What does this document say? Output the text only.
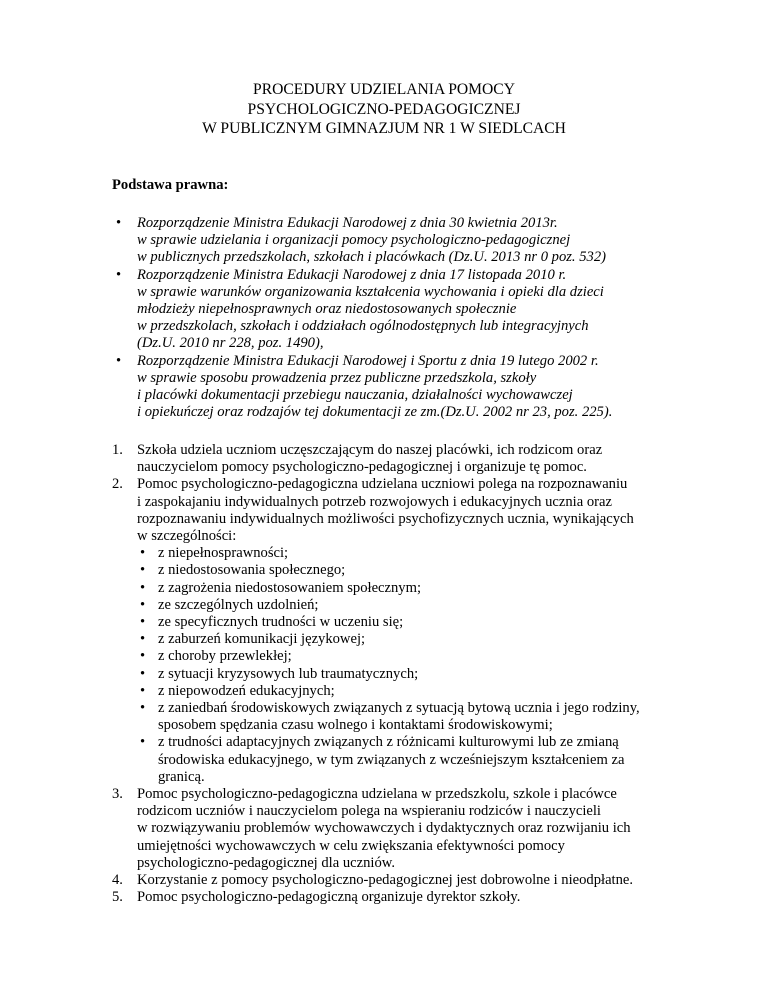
PROCEDURY UDZIELANIA POMOCY
PSYCHOLOGICZNO-PEDAGOGICZNEJ
W PUBLICZNYM GIMNAZJUM NR 1 W SIEDLCACH
Podstawa prawna:
• Rozporządzenie Ministra Edukacji Narodowej z dnia 30 kwietnia 2013r.
w sprawie udzielania i organizacji pomocy psychologiczno-pedagogicznej
w publicznych przedszkolach, szkołach i placówkach (Dz.U. 2013 nr 0 poz. 532)
• Rozporządzenie Ministra Edukacji Narodowej z dnia 17 listopada 2010 r.
w sprawie warunków organizowania kształcenia wychowania i opieki dla dzieci
młodzieży niepełnosprawnych oraz niedostosowanych społecznie
w przedszkolach, szkołach i oddziałach ogólnodostępnych lub integracyjnych
(Dz.U. 2010 nr 228, poz. 1490),
• Rozporządzenie Ministra Edukacji Narodowej i Sportu z dnia 19 lutego 2002 r.
w sprawie sposobu prowadzenia przez publiczne przedszkola, szkoły
i placówki dokumentacji przebiegu nauczania, działalności wychowawczej
i opiekuńczej oraz rodzajów tej dokumentacji ze zm.(Dz.U. 2002 nr 23, poz. 225).
1. Szkoła udziela uczniom uczęszczającym do naszej placówki, ich rodzicom oraz
nauczycielom pomocy psychologiczno-pedagogicznej i organizuje tę pomoc.
2. Pomoc psychologiczno-pedagogiczna udzielana uczniowi polega na rozpoznawaniu
i zaspokajaniu indywidualnych potrzeb rozwojowych i edukacyjnych ucznia oraz
rozpoznawaniu indywidualnych możliwości psychofizycznych ucznia, wynikających
w szczególności:
• z niepełnosprawności;
• z niedostosowania społecznego;
• z zagrożenia niedostosowaniem społecznym;
• ze szczególnych uzdolnień;
• ze specyficznych trudności w uczeniu się;
• z zaburzeń komunikacji językowej;
• z choroby przewlekłej;
• z sytuacji kryzysowych lub traumatycznych;
• z niepowodzeń edukacyjnych;
• z zaniedbań środowiskowych związanych z sytuacją bytową ucznia i jego rodziny,
sposobem spędzania czasu wolnego i kontaktami środowiskowymi;
• z trudności adaptacyjnych związanych z różnicami kulturowymi lub ze zmianą
środowiska edukacyjnego, w tym związanych z wcześniejszym kształceniem za
granicą.
3. Pomoc psychologiczno-pedagogiczna udzielana w przedszkolu, szkole i placówce
rodzicom uczniów i nauczycielom polega na wspieraniu rodziców i nauczycieli
w rozwiązywaniu problemów wychowawczych i dydaktycznych oraz rozwijaniu ich
umiejętności wychowawczych w celu zwiększania efektywności pomocy
psychologiczno-pedagogicznej dla uczniów.
4. Korzystanie z pomocy psychologiczno-pedagogicznej jest dobrowolne i nieodpłatne.
5. Pomoc psychologiczno-pedagogiczną organizuje dyrektor szkoły.
